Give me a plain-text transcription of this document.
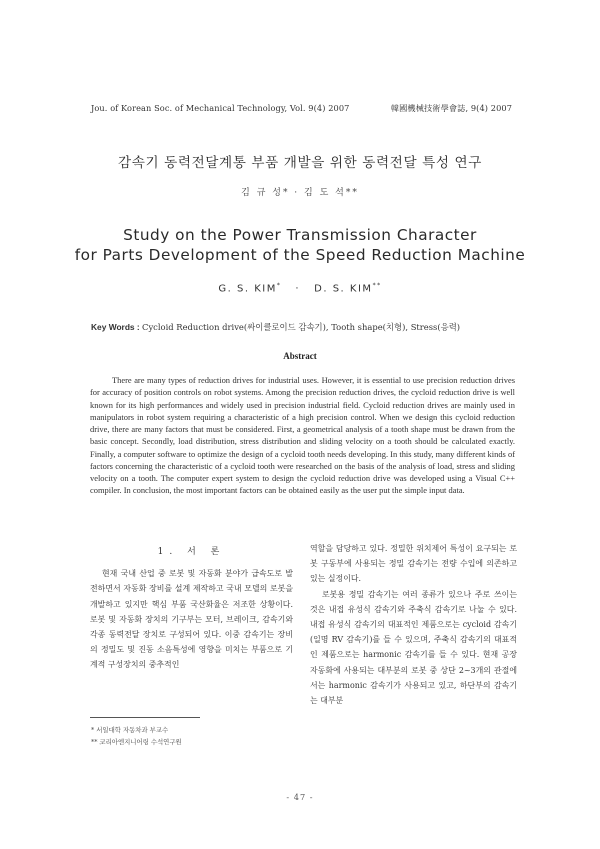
Jou. of Korean Soc. of Mechanical Technology, Vol. 9(4) 2007	韓國機械技術學會誌, 9(4) 2007
감속기 동력전달계통 부품 개발을 위한 동력전달 특성 연구
김 규 성* · 김 도 석**
Study on the Power Transmission Character
for Parts Development of the Speed Reduction Machine
G. S. KIM* · D. S. KIM**
Key Words : Cycloid Reduction drive(싸이클로이드 감속기), Tooth shape(치형), Stress(응력)
Abstract
There are many types of reduction drives for industrial uses. However, it is essential to use precision reduction drives for accuracy of position controls on robot systems. Among the precision reduction drives, the cycloid reduction drive is well known for its high performances and widely used in precision industrial field. Cycloid reduction drives are mainly used in manipulators in robot system requiring a characteristic of a high precision control. When we design this cycloid reduction drive, there are many factors that must be considered. First, a geometrical analysis of a tooth shape must be drawn from the basic concept. Secondly, load distribution, stress distribution and sliding velocity on a tooth should be calculated exactly. Finally, a computer software to optimize the design of a cycloid tooth needs developing. In this study, many different kinds of factors concerning the characteristic of a cycloid tooth were researched on the basis of the analysis of load, stress and sliding velocity on a tooth. The computer expert system to design the cycloid reduction drive was developed using a Visual C++ compiler. In conclusion, the most important factors can be obtained easily as the user put the simple input data.
1. 서 론

현재 국내 산업 중 로봇 및 자동화 분야가 급속도로 발전하면서 자동화 장비를 설계 제작하고 국내 모델의 로봇을 개발하고 있지만 핵심 부품 국산화율은 저조한 상황이다. 로봇 및 자동화 장치의 기구부는 모터, 브레이크, 감속기와 각종 동력전달 장치로 구성되어 있다. 이중 감속기는 장비의 정밀도 및 진동 소음특성에 영향을 미치는 부품으로 기계적 구성장치의 중추적인

역할을 담당하고 있다. 정밀한 위치제어 특성이 요구되는 로봇 구동부에 사용되는 정밀 감속기는 전량 수입에 의존하고 있는 실정이다.

로봇용 정밀 감속기는 여러 종류가 있으나 주로 쓰이는 것은 내접 유성식 감속기와 주축식 감속기로 나눌 수 있다. 내접 유성식 감속기의 대표적인 제품으로는 cycloid 감속기(일명 RV 감속기)를 들 수 있으며, 주축식 감속기의 대표적인 제품으로는 harmonic 감속기를 들 수 있다. 현재 공장 자동화에 사용되는 대부분의 로봇 중 상단 2~3개의 관절에서는 harmonic 감속기가 사용되고 있고, 하단부의 감속기는 대부분

* 서일대학 자동차과 부교수
** 코리아엔지니어링 수석연구원
- 47 -
